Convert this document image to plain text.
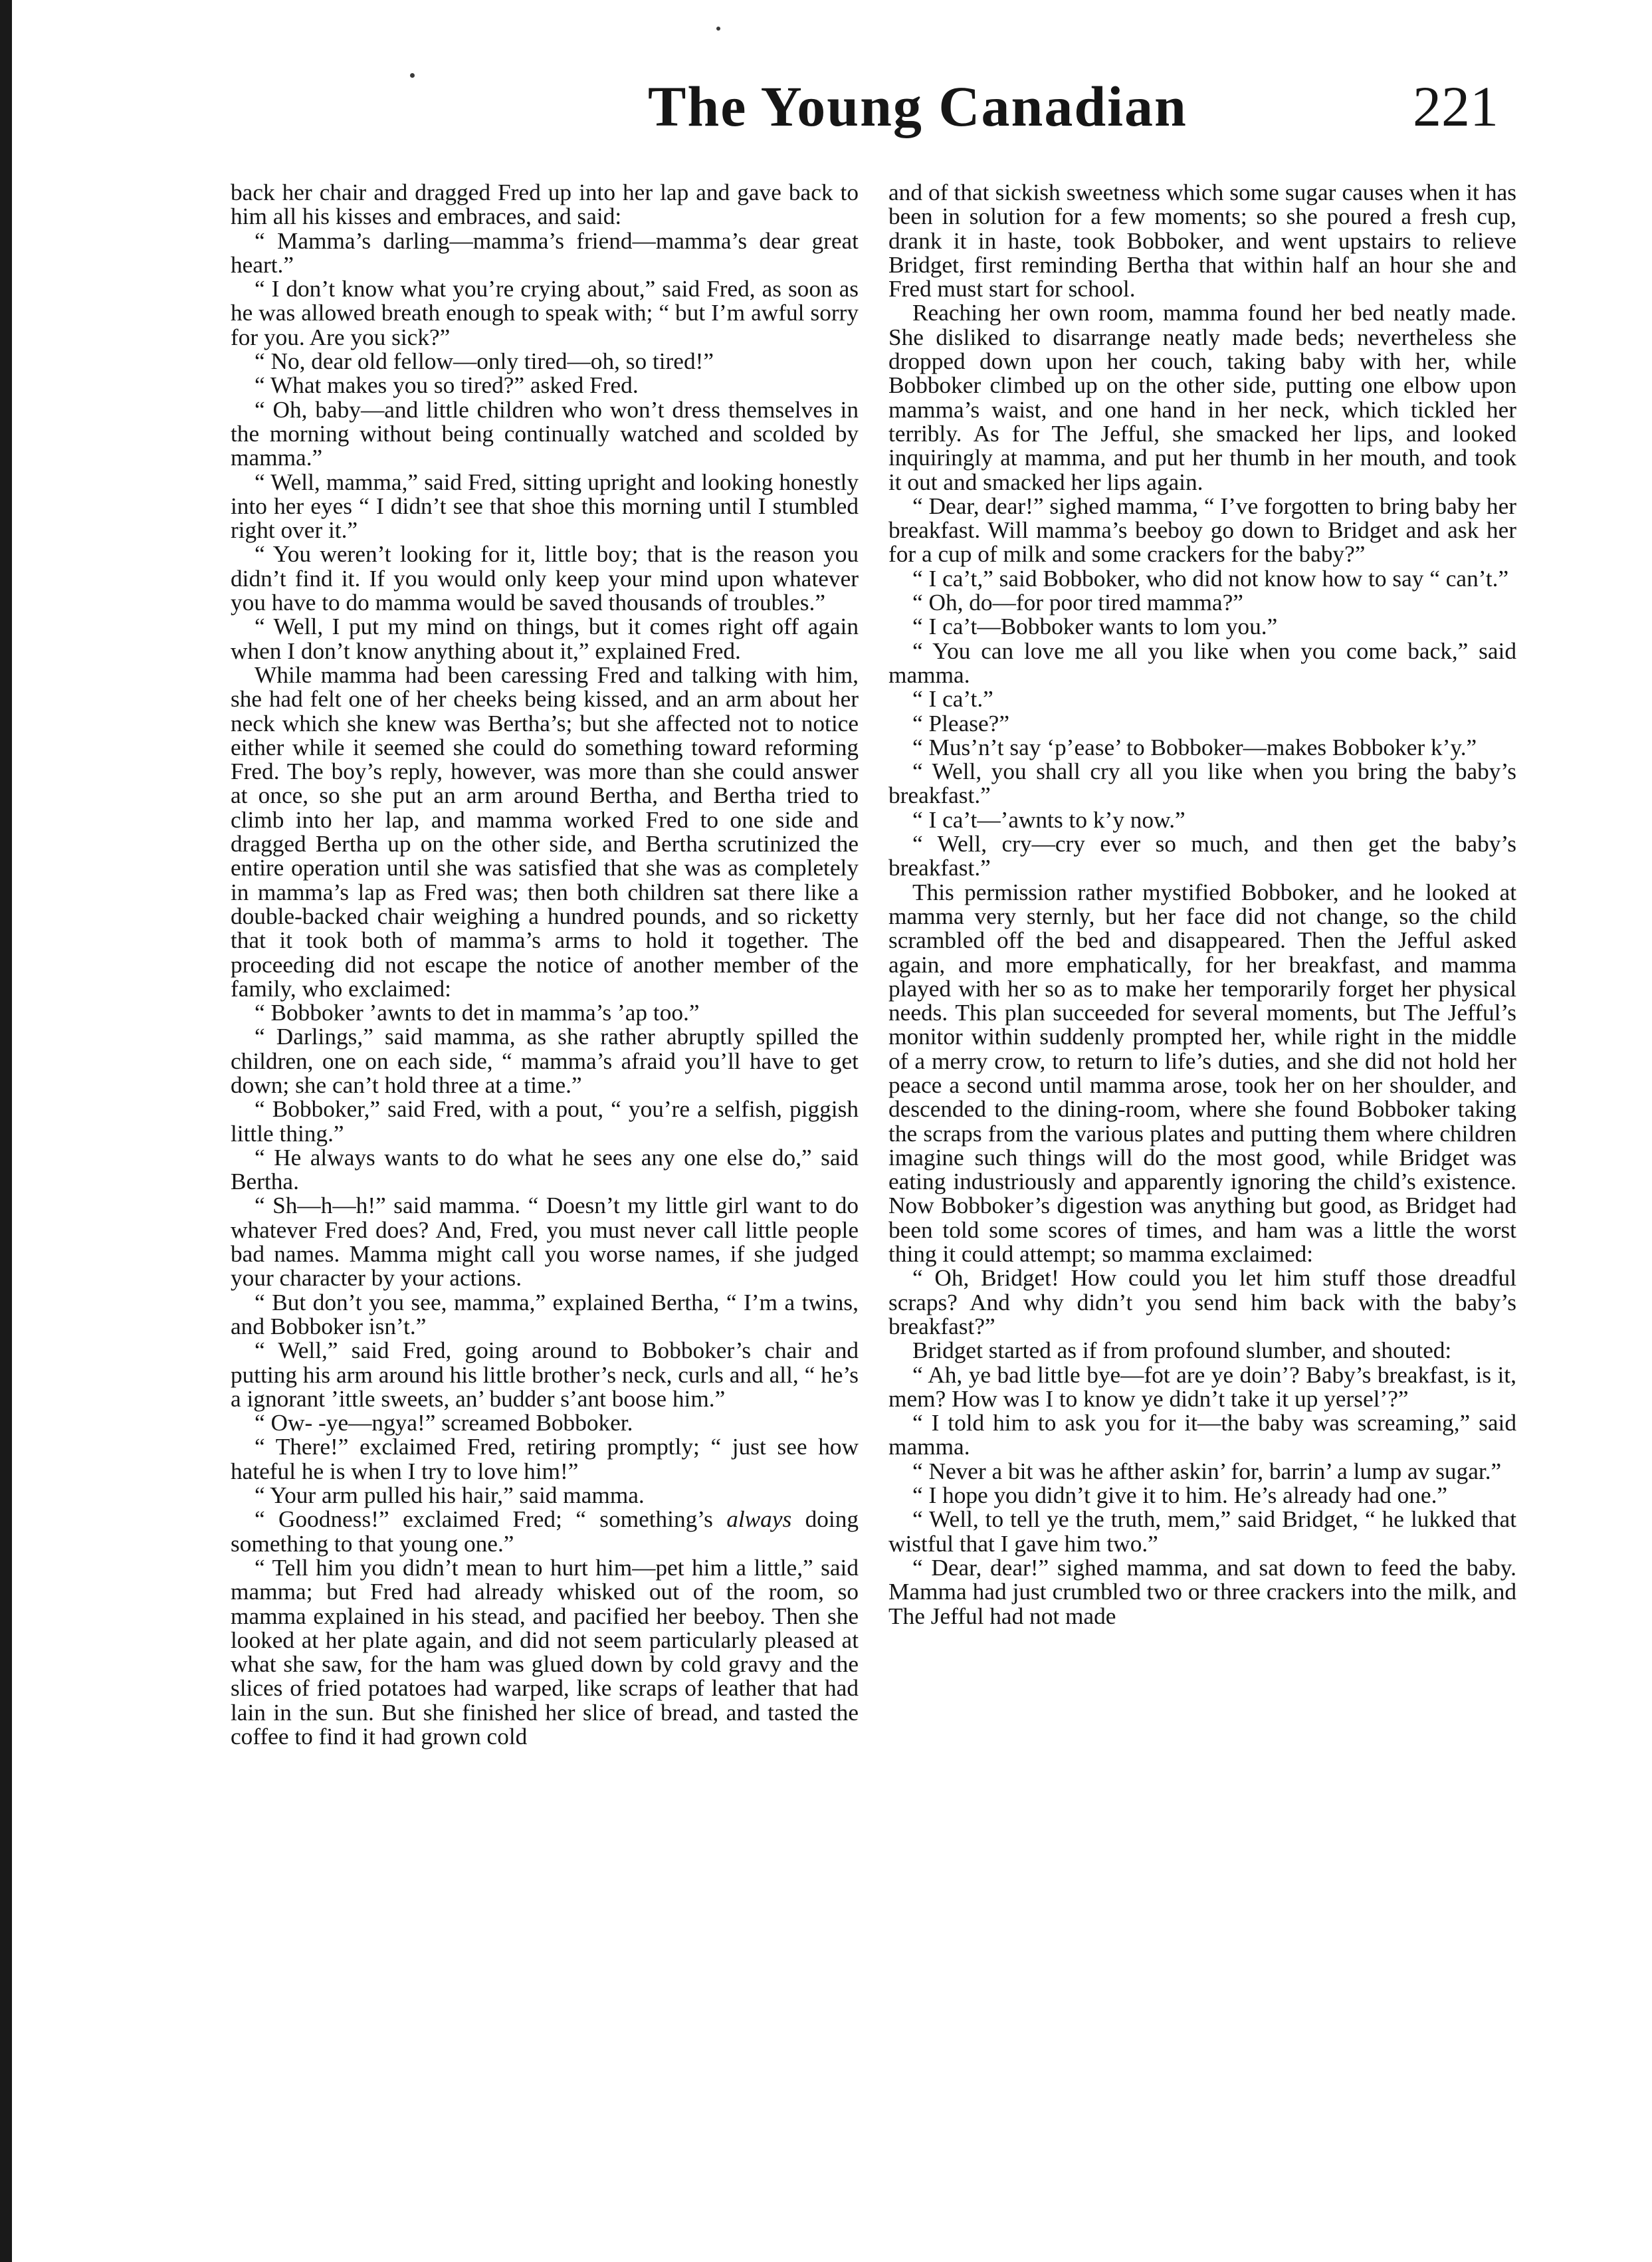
The Young Canadian	221

back her chair and dragged Fred up into her lap and gave back to him all his kisses and embraces, and said:

“ Mamma’s darling—mamma’s friend—mamma’s dear great heart.”

“ I don’t know what you’re crying about,” said Fred, as soon as he was allowed breath enough to speak with; “ but I’m awful sorry for you. Are you sick?”

“ No, dear old fellow—only tired—oh, so tired!”

“ What makes you so tired?” asked Fred.

“ Oh, baby—and little children who won’t dress themselves in the morning without being continually watched and scolded by mamma.”

“ Well, mamma,” said Fred, sitting upright and looking honestly into her eyes “ I didn’t see that shoe this morning until I stumbled right over it.”

“ You weren’t looking for it, little boy; that is the reason you didn’t find it. If you would only keep your mind upon whatever you have to do mamma would be saved thousands of troubles.”

“ Well, I put my mind on things, but it comes right off again when I don’t know anything about it,” explained Fred.

While mamma had been caressing Fred and talking with him, she had felt one of her cheeks being kissed, and an arm about her neck which she knew was Bertha’s; but she affected not to notice either while it seemed she could do something toward reforming Fred. The boy’s reply, however, was more than she could answer at once, so she put an arm around Bertha, and Bertha tried to climb into her lap, and mamma worked Fred to one side and dragged Bertha up on the other side, and Bertha scrutinized the entire operation until she was satisfied that she was as completely in mamma’s lap as Fred was; then both children sat there like a double-backed chair weighing a hundred pounds, and so ricketty that it took both of mamma’s arms to hold it together. The proceeding did not escape the notice of another member of the family, who exclaimed:

“ Bobboker ’awnts to det in mamma’s ’ap too.”

“ Darlings,” said mamma, as she rather abruptly spilled the children, one on each side, “ mamma’s afraid you’ll have to get down; she can’t hold three at a time.”

“ Bobboker,” said Fred, with a pout, “ you’re a selfish, piggish little thing.”

“ He always wants to do what he sees any one else do,” said Bertha.

“ Sh—h—h!” said mamma. “ Doesn’t my little girl want to do whatever Fred does? And, Fred, you must never call little people bad names. Mamma might call you worse names, if she judged your character by your actions.

“ But don’t you see, mamma,” explained Bertha, “ I’m a twins, and Bobboker isn’t.”

“ Well,” said Fred, going around to Bobboker’s chair and putting his arm around his little brother’s neck, curls and all, “ he’s a ignorant ’ittle sweets, an’ budder s’ant boose him.”

“ Ow- -ye—ngya!” screamed Bobboker.

“ There!” exclaimed Fred, retiring promptly; “ just see how hateful he is when I try to love him!”

“ Your arm pulled his hair,” said mamma.

“ Goodness!” exclaimed Fred; “ something’s always doing something to that young one.”

“ Tell him you didn’t mean to hurt him—pet him a little,” said mamma; but Fred had already whisked out of the room, so mamma explained in his stead, and pacified her beeboy. Then she looked at her plate again, and did not seem particularly pleased at what she saw, for the ham was glued down by cold gravy and the slices of fried potatoes had warped, like scraps of leather that had lain in the sun. But she finished her slice of bread, and tasted the coffee to find it had grown cold

and of that sickish sweetness which some sugar causes when it has been in solution for a few moments; so she poured a fresh cup, drank it in haste, took Bobboker, and went upstairs to relieve Bridget, first reminding Bertha that within half an hour she and Fred must start for school.

Reaching her own room, mamma found her bed neatly made. She disliked to disarrange neatly made beds; nevertheless she dropped down upon her couch, taking baby with her, while Bobboker climbed up on the other side, putting one elbow upon mamma’s waist, and one hand in her neck, which tickled her terribly. As for The Jefful, she smacked her lips, and looked inquiringly at mamma, and put her thumb in her mouth, and took it out and smacked her lips again.

“ Dear, dear!” sighed mamma, “ I’ve forgotten to bring baby her breakfast. Will mamma’s beeboy go down to Bridget and ask her for a cup of milk and some crackers for the baby?”

“ I ca’t,” said Bobboker, who did not know how to say “ can’t.”

“ Oh, do—for poor tired mamma?”

“ I ca’t—Bobboker wants to lom you.”

“ You can love me all you like when you come back,” said mamma.

“ I ca’t.”

“ Please?”

“ Mus’n’t say ‘p’ease’ to Bobboker—makes Bobboker k’y.”

“ Well, you shall cry all you like when you bring the baby’s breakfast.”

“ I ca’t—’awnts to k’y now.”

“ Well, cry—cry ever so much, and then get the baby’s breakfast.”

This permission rather mystified Bobboker, and he looked at mamma very sternly, but her face did not change, so the child scrambled off the bed and disappeared. Then the Jefful asked again, and more emphatically, for her breakfast, and mamma played with her so as to make her temporarily forget her physical needs. This plan succeeded for several moments, but The Jefful’s monitor within suddenly prompted her, while right in the middle of a merry crow, to return to life’s duties, and she did not hold her peace a second until mamma arose, took her on her shoulder, and descended to the dining-room, where she found Bobboker taking the scraps from the various plates and putting them where children imagine such things will do the most good, while Bridget was eating industriously and apparently ignoring the child’s existence. Now Bobboker’s digestion was anything but good, as Bridget had been told some scores of times, and ham was a little the worst thing it could attempt; so mamma exclaimed:

“ Oh, Bridget! How could you let him stuff those dreadful scraps? And why didn’t you send him back with the baby’s breakfast?”

Bridget started as if from profound slumber, and shouted:

“ Ah, ye bad little bye—fot are ye doin’? Baby’s breakfast, is it, mem? How was I to know ye didn’t take it up yersel’?”

“ I told him to ask you for it—the baby was screaming,” said mamma.

“ Never a bit was he afther askin’ for, barrin’ a lump av sugar.”

“ I hope you didn’t give it to him. He’s already had one.”

“ Well, to tell ye the truth, mem,” said Bridget, “ he lukked that wistful that I gave him two.”

“ Dear, dear!” sighed mamma, and sat down to feed the baby. Mamma had just crumbled two or three crackers into the milk, and The Jefful had not made
